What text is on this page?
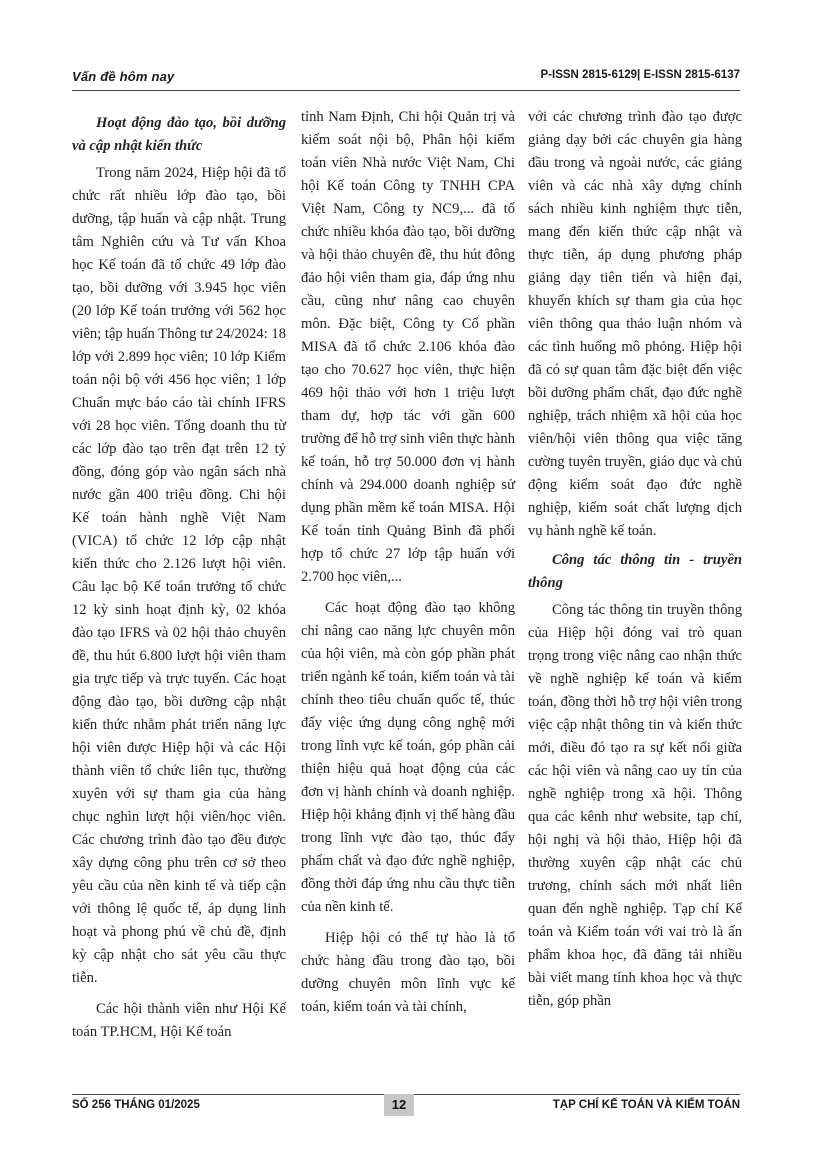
Vấn đề hôm nay	P-ISSN 2815-6129| E-ISSN 2815-6137
Hoạt động đào tạo, bồi dưỡng và cập nhật kiến thức

Trong năm 2024, Hiệp hội đã tổ chức rất nhiều lớp đào tạo, bồi dưỡng, tập huấn và cập nhật. Trung tâm Nghiên cứu và Tư vấn Khoa học Kế toán đã tổ chức 49 lớp đào tạo, bồi dưỡng với 3.945 học viên (20 lớp Kế toán trưởng với 562 học viên; tập huấn Thông tư 24/2024: 18 lớp với 2.899 học viên; 10 lớp Kiểm toán nội bộ với 456 học viên; 1 lớp Chuẩn mực báo cáo tài chính IFRS với 28 học viên. Tổng doanh thu từ các lớp đào tạo trên đạt trên 12 tỷ đồng, đóng góp vào ngân sách nhà nước gần 400 triệu đồng. Chi hội Kế toán hành nghề Việt Nam (VICA) tổ chức 12 lớp cập nhật kiến thức cho 2.126 lượt hội viên. Câu lạc bộ Kế toán trưởng tổ chức 12 kỳ sinh hoạt định kỳ, 02 khóa đào tạo IFRS và 02 hội thảo chuyên đề, thu hút 6.800 lượt hội viên tham gia trực tiếp và trực tuyến. Các hoạt động đào tạo, bồi dưỡng cập nhật kiến thức nhằm phát triển năng lực hội viên được Hiệp hội và các Hội thành viên tổ chức liên tục, thường xuyên với sự tham gia của hàng chục nghìn lượt hội viên/học viên. Các chương trình đào tạo đều được xây dựng công phu trên cơ sở theo yêu cầu của nền kinh tế và tiếp cận với thông lệ quốc tế, áp dụng linh hoạt và phong phú về chủ đề, định kỳ cập nhật cho sát yêu cầu thực tiễn.

Các hội thành viên như Hội Kế toán TP.HCM, Hội Kế toán

tỉnh Nam Định, Chi hội Quản trị và kiểm soát nội bộ, Phân hội kiểm toán viên Nhà nước Việt Nam, Chi hội Kế toán Công ty TNHH CPA Việt Nam, Công ty NC9,... đã tổ chức nhiều khóa đào tạo, bồi dưỡng và hội thảo chuyên đề, thu hút đông đảo hội viên tham gia, đáp ứng nhu cầu, cũng như nâng cao chuyên môn. Đặc biệt, Công ty Cổ phần MISA đã tổ chức 2.106 khóa đào tạo cho 70.627 học viên, thực hiện 469 hội thảo với hơn 1 triệu lượt tham dự, hợp tác với gần 600 trường để hỗ trợ sinh viên thực hành kế toán, hỗ trợ 50.000 đơn vị hành chính và 294.000 doanh nghiệp sử dụng phần mềm kế toán MISA. Hội Kế toán tỉnh Quảng Bình đã phối hợp tổ chức 27 lớp tập huấn với 2.700 học viên,...

Các hoạt động đào tạo không chỉ nâng cao năng lực chuyên môn của hội viên, mà còn góp phần phát triển ngành kế toán, kiểm toán và tài chính theo tiêu chuẩn quốc tế, thúc đẩy việc ứng dụng công nghệ mới trong lĩnh vực kế toán, góp phần cải thiện hiệu quả hoạt động của các đơn vị hành chính và doanh nghiệp. Hiệp hội khẳng định vị thế hàng đầu trong lĩnh vực đào tạo, thúc đẩy phẩm chất và đạo đức nghề nghiệp, đồng thời đáp ứng nhu cầu thực tiễn của nền kinh tế.

Hiệp hội có thể tự hào là tổ chức hàng đầu trong đào tạo, bồi dưỡng chuyên môn lĩnh vực kế toán, kiểm toán và tài chính,

với các chương trình đào tạo được giảng dạy bởi các chuyên gia hàng đầu trong và ngoài nước, các giảng viên và các nhà xây dựng chính sách nhiều kinh nghiệm thực tiễn, mang đến kiến thức cập nhật và thực tiễn, áp dụng phương pháp giảng dạy tiên tiến và hiện đại, khuyến khích sự tham gia của học viên thông qua thảo luận nhóm và các tình huống mô phỏng. Hiệp hội đã có sự quan tâm đặc biệt đến việc bồi dưỡng phẩm chất, đạo đức nghề nghiệp, trách nhiệm xã hội của học viên/hội viên thông qua việc tăng cường tuyên truyền, giáo dục và chủ động kiểm soát đạo đức nghề nghiệp, kiểm soát chất lượng dịch vụ hành nghề kế toán.

Công tác thông tin - truyền thông

Công tác thông tin truyền thông của Hiệp hội đóng vai trò quan trọng trong việc nâng cao nhận thức về nghề nghiệp kế toán và kiểm toán, đồng thời hỗ trợ hội viên trong việc cập nhật thông tin và kiến thức mới, điều đó tạo ra sự kết nối giữa các hội viên và nâng cao uy tín của nghề nghiệp trong xã hội. Thông qua các kênh như website, tạp chí, hội nghị và hội thảo, Hiệp hội đã thường xuyên cập nhật các chủ trương, chính sách mới nhất liên quan đến nghề nghiệp. Tạp chí Kế toán và Kiểm toán với vai trò là ấn phẩm khoa học, đã đăng tải nhiều bài viết mang tính khoa học và thực tiễn, góp phần

SỐ 256 THÁNG 01/2025	12	TẠP CHÍ KẾ TOÁN VÀ KIỂM TOÁN
